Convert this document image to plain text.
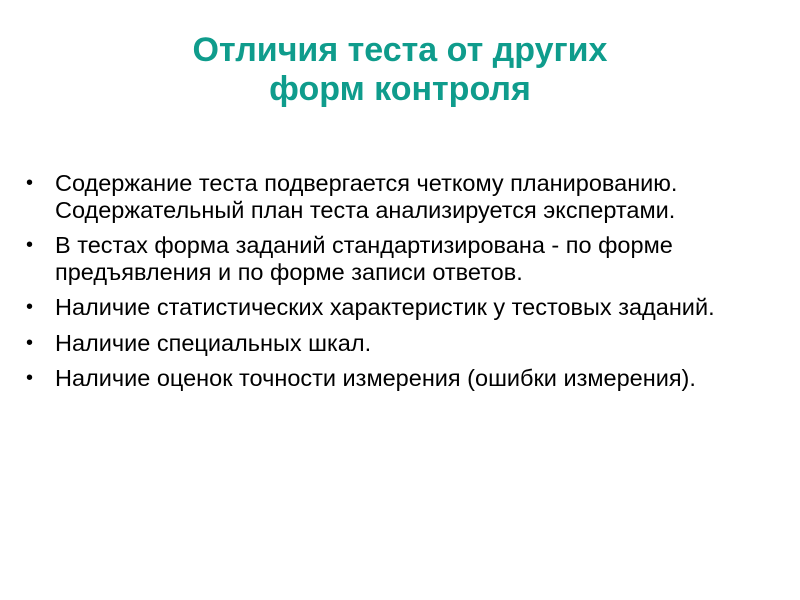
Отличия теста от других
форм контроля
• Содержание теста подвергается четкому планированию. Содержательный план теста анализируется экспертами.
• В тестах форма заданий стандартизирована - по форме предъявления и по форме записи ответов.
• Наличие статистических характеристик у тестовых заданий.
• Наличие специальных шкал.
• Наличие оценок точности измерения (ошибки измерения).
